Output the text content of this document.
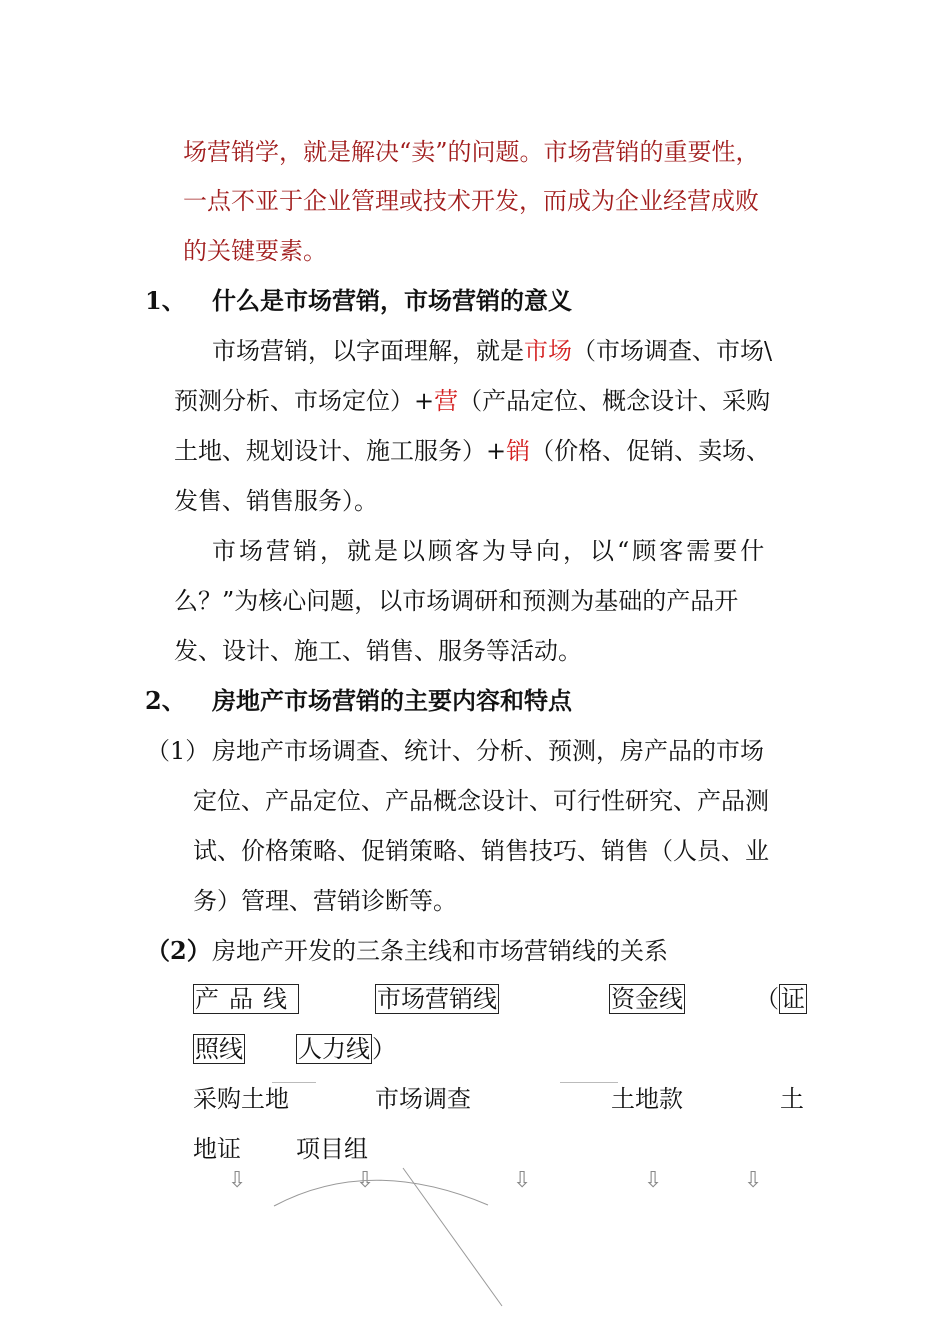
场营销学，就是解决“卖”的问题。市场营销的重要性，
一点不亚于企业管理或技术开发，而成为企业经营成败
的关键要素。
1、 什么是市场营销，市场营销的意义
市场营销，以字面理解，就是市场（市场调查、市场\
预测分析、市场定位）+营（产品定位、概念设计、采购
土地、规划设计、施工服务）+销（价格、促销、卖场、
发售、销售服务）。
市场营销，就是以顾客为导向，以“顾客需要什
么？”为核心问题，以市场调研和预测为基础的产品开
发、设计、施工、销售、服务等活动。
2、 房地产市场营销的主要内容和特点
（1） 房地产市场调查、统计、分析、预测，房产品的市场
定位、产品定位、产品概念设计、可行性研究、产品测
试、价格策略、促销策略、销售技巧、销售（人员、业
务）管理、营销诊断等。
（2） 房地产开发的三条主线和市场营销线的关系
产品线	市场营销线	资金线	（证
照线 人力线）
采购土地	市场调查	土地款	土
地证 项目组
⇩	⇩	⇩	⇩	⇩
